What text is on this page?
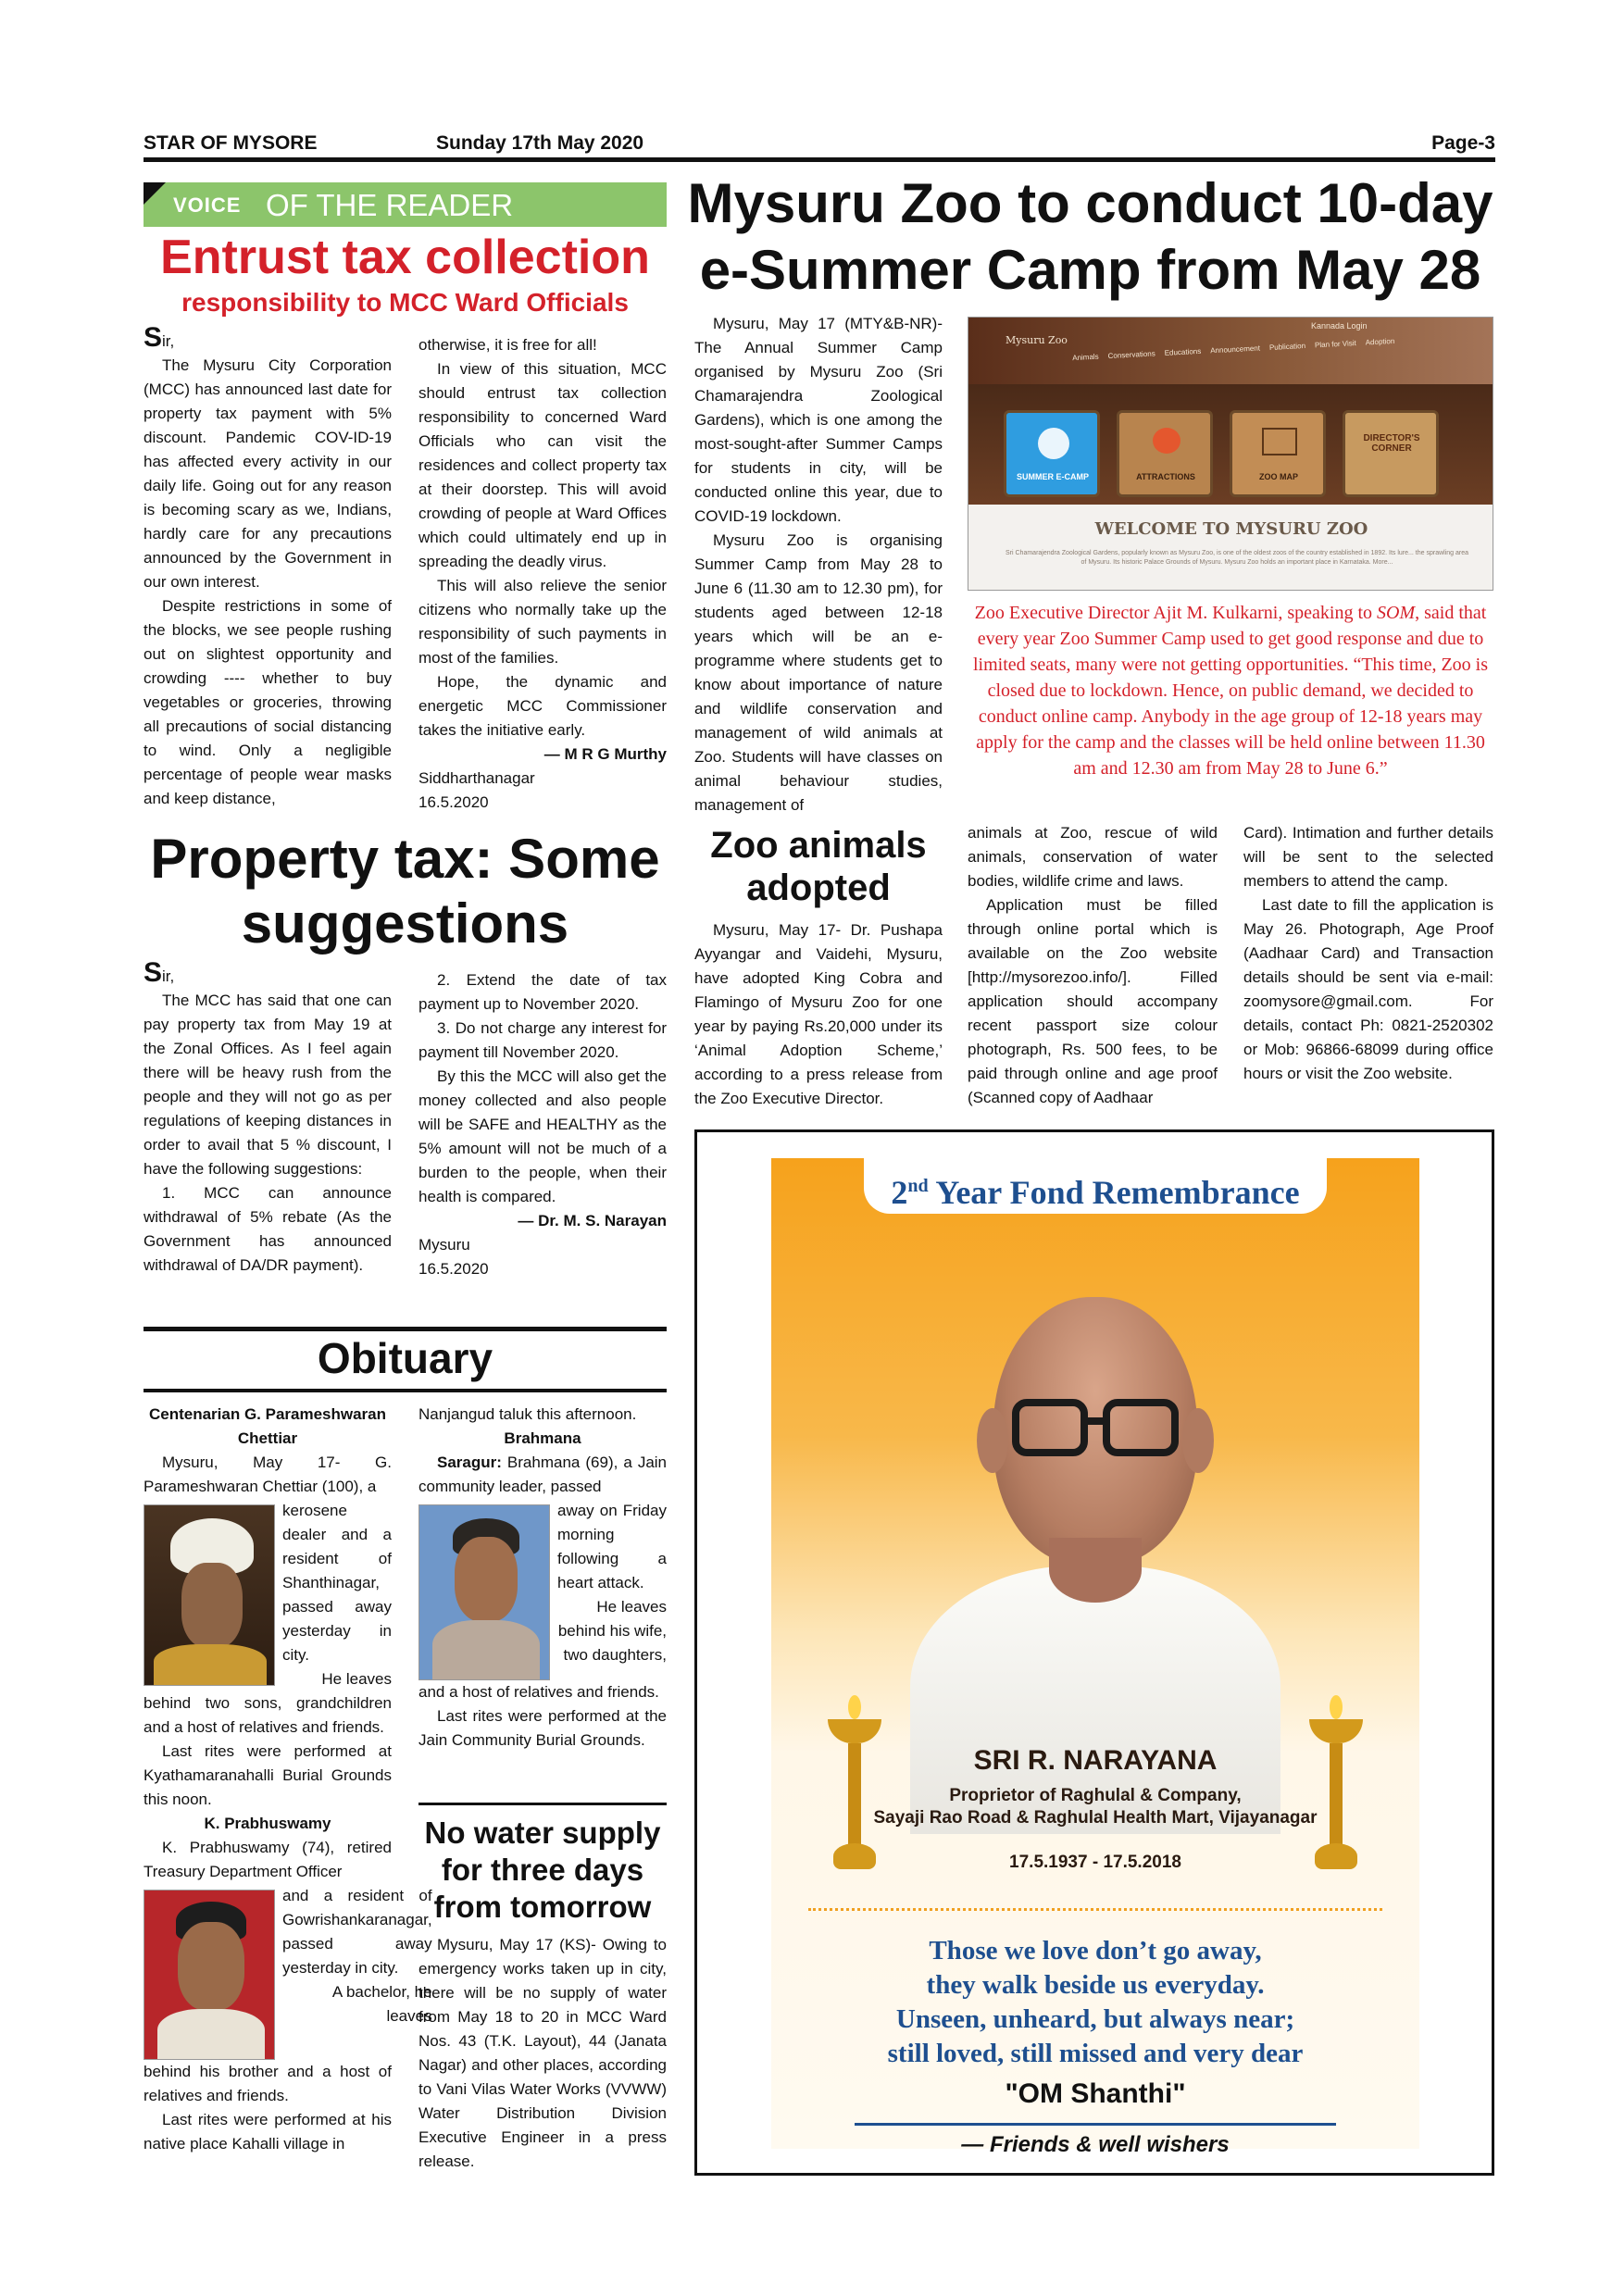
STAR OF MYSORE	Sunday 17th May 2020	Page-3
VOICE OF THE READER
Entrust tax collection
responsibility to MCC Ward Officials

Sir,

The Mysuru City Corporation (MCC) has announced last date for property tax payment with 5% discount. Pandemic COV-ID-19 has affected every activity in our daily life. Going out for any reason is becoming scary as we, Indians, hardly care for any precautions announced by the Government in our own interest.

Despite restrictions in some of the blocks, we see people rushing out on slightest opportunity and crowding ---- whether to buy vegetables or groceries, throwing all precautions of social distancing to wind. Only a negligible percentage of people wear masks and keep distance,

otherwise, it is free for all!

In view of this situation, MCC should entrust tax collection responsibility to concerned Ward Officials who can visit the residences and collect property tax at their doorstep. This will avoid crowding of people at Ward Offices which could ultimately end up in spreading the deadly virus.

This will also relieve the senior citizens who normally take up the responsibility of such payments in most of the families.

Hope, the dynamic and energetic MCC Commissioner takes the initiative early.

— M R G Murthy

Siddharthanagar

16.5.2020

Property tax: Some
suggestions

Sir,

The MCC has said that one can pay property tax from May 19 at the Zonal Offices. As I feel again there will be heavy rush from the people and they will not go as per regulations of keeping distances in order to avail that 5 % discount, I have the following suggestions:

1. MCC can announce withdrawal of 5% rebate (As the Government has announced withdrawal of DA/DR payment).

2. Extend the date of tax payment up to November 2020.

3. Do not charge any interest for payment till November 2020.

By this the MCC will also get the money collected and also people will be SAFE and HEALTHY as the 5% amount will not be much of a burden to the people, when their health is compared.

— Dr. M. S. Narayan

Mysuru

16.5.2020

Obituary
Centenarian G. Parameshwaran
Chettiar

Mysuru, May 17- G. Parameshwaran Chettiar (100), a

kerosene dealer and a resident of Shanthinagar, passed away yesterday in city.

He leaves

behind two sons, grandchildren and a host of relatives and friends.

Last rites were performed at Kyathamaranahalli Burial Grounds this noon.

K. Prabhuswamy

K. Prabhuswamy (74), retired Treasury Department Officer

and a resident of Gowrishankaranagar, passed away yesterday in city.

A bachelor, he leaves

behind his brother and a host of relatives and friends.

Last rites were performed at his native place Kahalli village in

Nanjangud taluk this afternoon.

Brahmana

Saragur: Brahmana (69), a Jain community leader, passed

away on Friday morning following a heart attack.

He leaves behind his wife, two daughters,

and a host of relatives and friends.

Last rites were performed at the Jain Community Burial Grounds.

No water supply
for three days
from tomorrow

Mysuru, May 17 (KS)- Owing to emergency works taken up in city, there will be no supply of water from May 18 to 20 in MCC Ward Nos. 43 (T.K. Layout), 44 (Janata Nagar) and other places, according to Vani Vilas Water Works (VVWW) Water Distribution Division Executive Engineer in a press release.

Mysuru Zoo to conduct 10-day
e-Summer Camp from May 28

Mysuru, May 17 (MTY&B-NR)- The Annual Summer Camp organised by Mysuru Zoo (Sri Chamarajendra Zoological Gardens), which is one among the most-sought-after Summer Camps for students in city, will be conducted online this year, due to COVID-19 lockdown.

Mysuru Zoo is organising Summer Camp from May 28 to June 6 (11.30 am to 12.30 pm), for students aged between 12-18 years which will be an e-programme where students get to know about importance of nature and wildlife conservation and management of wild animals at Zoo. Students will have classes on animal behaviour studies, management of

Mysuru Zoo
Kannada Login
Animals Conservations Educations Announcement Publication Plan for Visit Adoption
SUMMER E-CAMP	ATTRACTIONS	ZOO MAP
DIRECTOR'S CORNER
WELCOME TO MYSURU ZOO
Sri Chamarajendra Zoological Gardens, popularly known as Mysuru Zoo, is one of the oldest zoos of the country established in 1892. Its lure... the sprawling area of Mysuru. Its historic Palace Grounds of Mysuru. Mysuru Zoo holds an important place in Karnataka. More...
Zoo Executive Director Ajit M. Kulkarni, speaking to SOM, said that every year Zoo Summer Camp used to get good response and due to limited seats, many were not getting opportunities. “This time, Zoo is closed due to lockdown. Hence, on public demand, we decided to conduct online camp. Anybody in the age group of 12-18 years may apply for the camp and the classes will be held online between 11.30 am and 12.30 am from May 28 to June 6.”
Zoo animals
adopted

Mysuru, May 17- Dr. Pushapa Ayyangar and Vaidehi, Mysuru, have adopted King Cobra and Flamingo of Mysuru Zoo for one year by paying Rs.20,000 under its ‘Animal Adoption Scheme,’ according to a press release from the Zoo Executive Director.

animals at Zoo, rescue of wild animals, conservation of water bodies, wildlife crime and laws.

Application must be filled through online portal which is available on the Zoo website [http://mysorezoo.info/]. Filled application should accompany recent passport size colour photograph, Rs. 500 fees, to be paid through online and age proof (Scanned copy of Aadhaar

Card). Intimation and further details will be sent to the selected members to attend the camp.

Last date to fill the application is May 26. Photograph, Age Proof (Aadhaar Card) and Transaction details should be sent via e-mail: zoomysore@gmail.com. For details, contact Ph: 0821-2520302 or Mob: 96866-68099 during office hours or visit the Zoo website.

2nd Year Fond Remembrance
SRI R. NARAYANA
Proprietor of Raghulal & Company,
Sayaji Rao Road & Raghulal Health Mart, Vijayanagar
17.5.1937 - 17.5.2018
Those we love don’t go away,
they walk beside us everyday.
Unseen, unheard, but always near;
still loved, still missed and very dear
"OM Shanthi"
— Friends & well wishers
